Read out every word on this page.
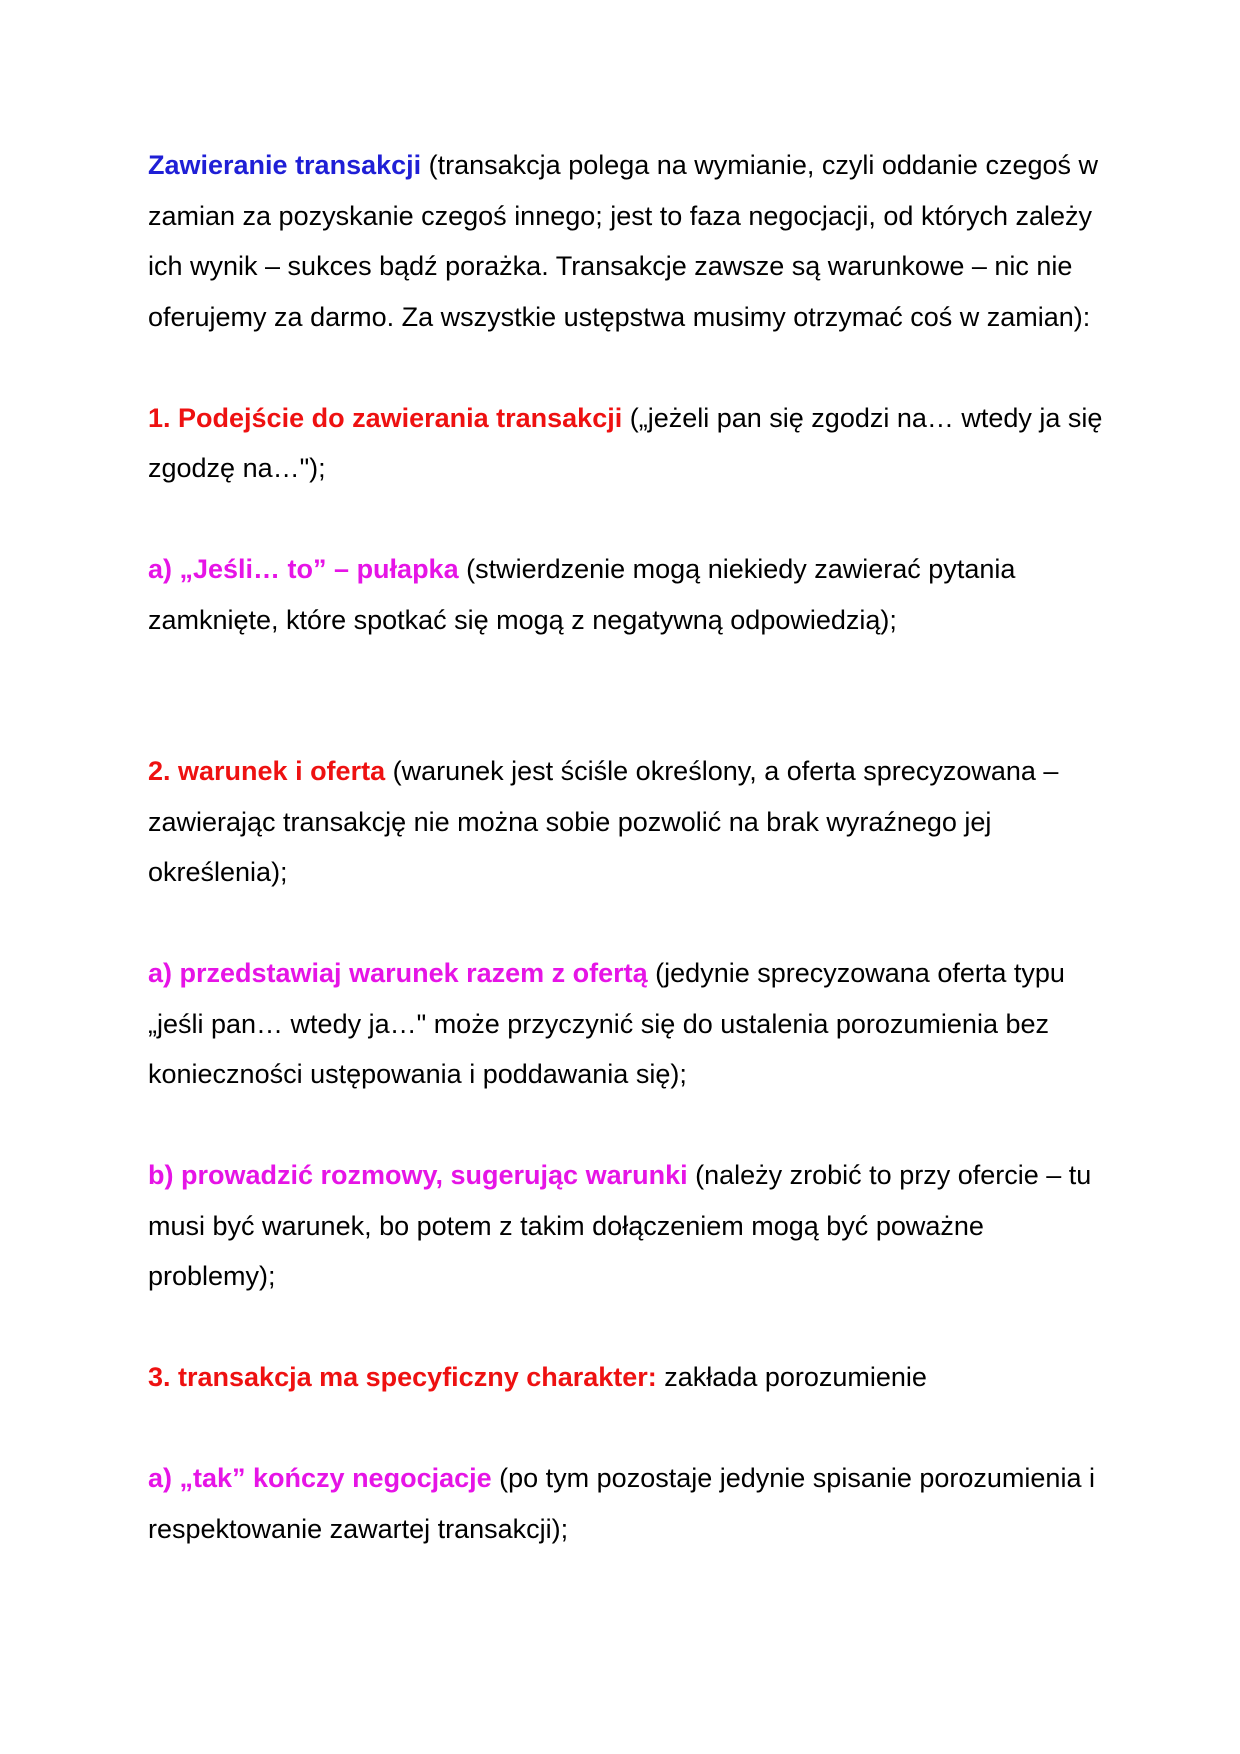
Zawieranie transakcji (transakcja polega na wymianie, czyli oddanie czegoś w zamian za pozyskanie czegoś innego; jest to faza negocjacji, od których zależy ich wynik – sukces bądź porażka. Transakcje zawsze są warunkowe – nic nie oferujemy za darmo. Za wszystkie ustępstwa musimy otrzymać coś w zamian):

1. Podejście do zawierania transakcji („jeżeli pan się zgodzi na… wtedy ja się zgodzę na…");

a) „Jeśli… to” – pułapka (stwierdzenie mogą niekiedy zawierać pytania zamknięte, które spotkać się mogą z negatywną odpowiedzią);

2. warunek i oferta (warunek jest ściśle określony, a oferta sprecyzowana – zawierając transakcję nie można sobie pozwolić na brak wyraźnego jej określenia);

a) przedstawiaj warunek razem z ofertą (jedynie sprecyzowana oferta typu „jeśli pan… wtedy ja…" może przyczynić się do ustalenia porozumienia bez konieczności ustępowania i poddawania się);

b) prowadzić rozmowy, sugerując warunki (należy zrobić to przy ofercie – tu musi być warunek, bo potem z takim dołączeniem mogą być poważne problemy);

3. transakcja ma specyficzny charakter: zakłada porozumienie

a) „tak” kończy negocjacje (po tym pozostaje jedynie spisanie porozumienia i respektowanie zawartej transakcji);
